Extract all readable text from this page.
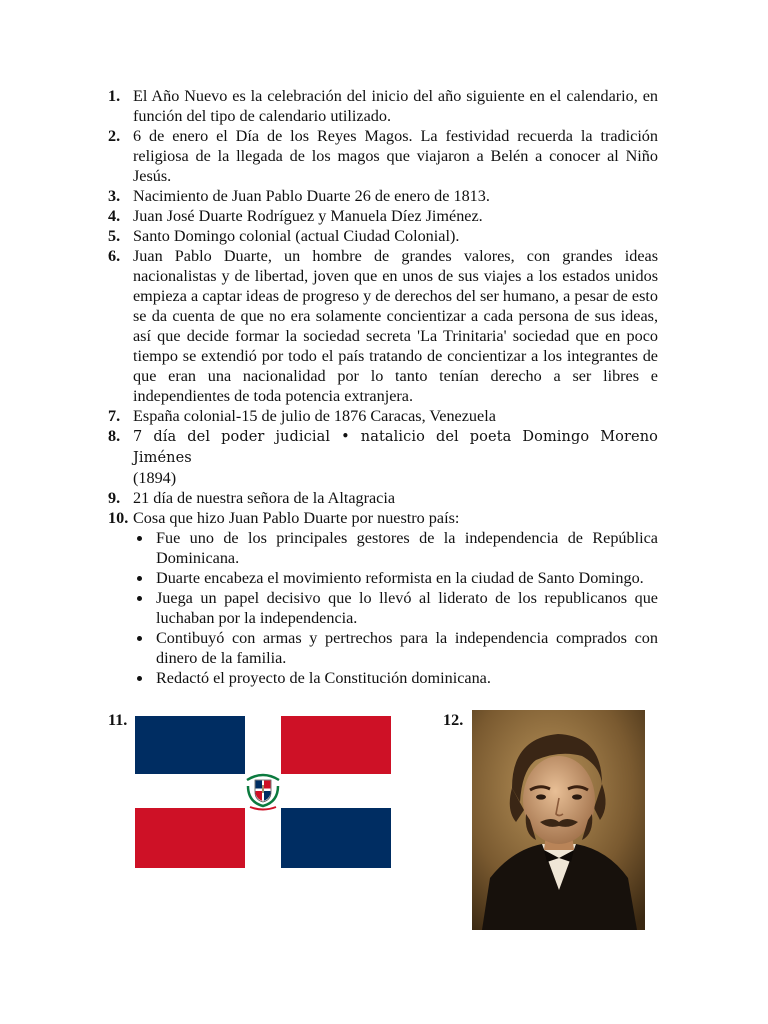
1. El Año Nuevo es la celebración del inicio del año siguiente en el calendario, en función del tipo de calendario utilizado.
2. 6 de enero el Día de los Reyes Magos. La festividad recuerda la tradición religiosa de la llegada de los magos que viajaron a Belén a conocer al Niño Jesús.
3. Nacimiento de Juan Pablo Duarte 26 de enero de 1813.
4. Juan José Duarte Rodríguez y Manuela Díez Jiménez.
5. Santo Domingo colonial (actual Ciudad Colonial).
6. Juan Pablo Duarte, un hombre de grandes valores, con grandes ideas nacionalistas y de libertad, joven que en unos de sus viajes a los estados unidos empieza a captar ideas de progreso y de derechos del ser humano, a pesar de esto se da cuenta de que no era solamente concientizar a cada persona de sus ideas, así que decide formar la sociedad secreta 'La Trinitaria' sociedad que en poco tiempo se extendió por todo el país tratando de concientizar a los integrantes de que eran una nacionalidad por lo tanto tenían derecho a ser libres e independientes de toda potencia extranjera.
7. España colonial-15 de julio de 1876 Caracas, Venezuela
8. 7 día del poder judicial • natalicio del poeta Domingo Moreno Jiménes
(1894)
9. 21 día de nuestra señora de la Altagracia
10. Cosa que hizo Juan Pablo Duarte por nuestro país:
Fue uno de los principales gestores de la independencia de República Dominicana.
Duarte encabeza el movimiento reformista en la ciudad de Santo Domingo.
Juega un papel decisivo que lo llevó al liderato de los republicanos que luchaban por la independencia.
Contibuyó con armas y pertrechos para la independencia comprados con dinero de la familia.
Redactó el proyecto de la Constitución dominicana.
11.	12.
